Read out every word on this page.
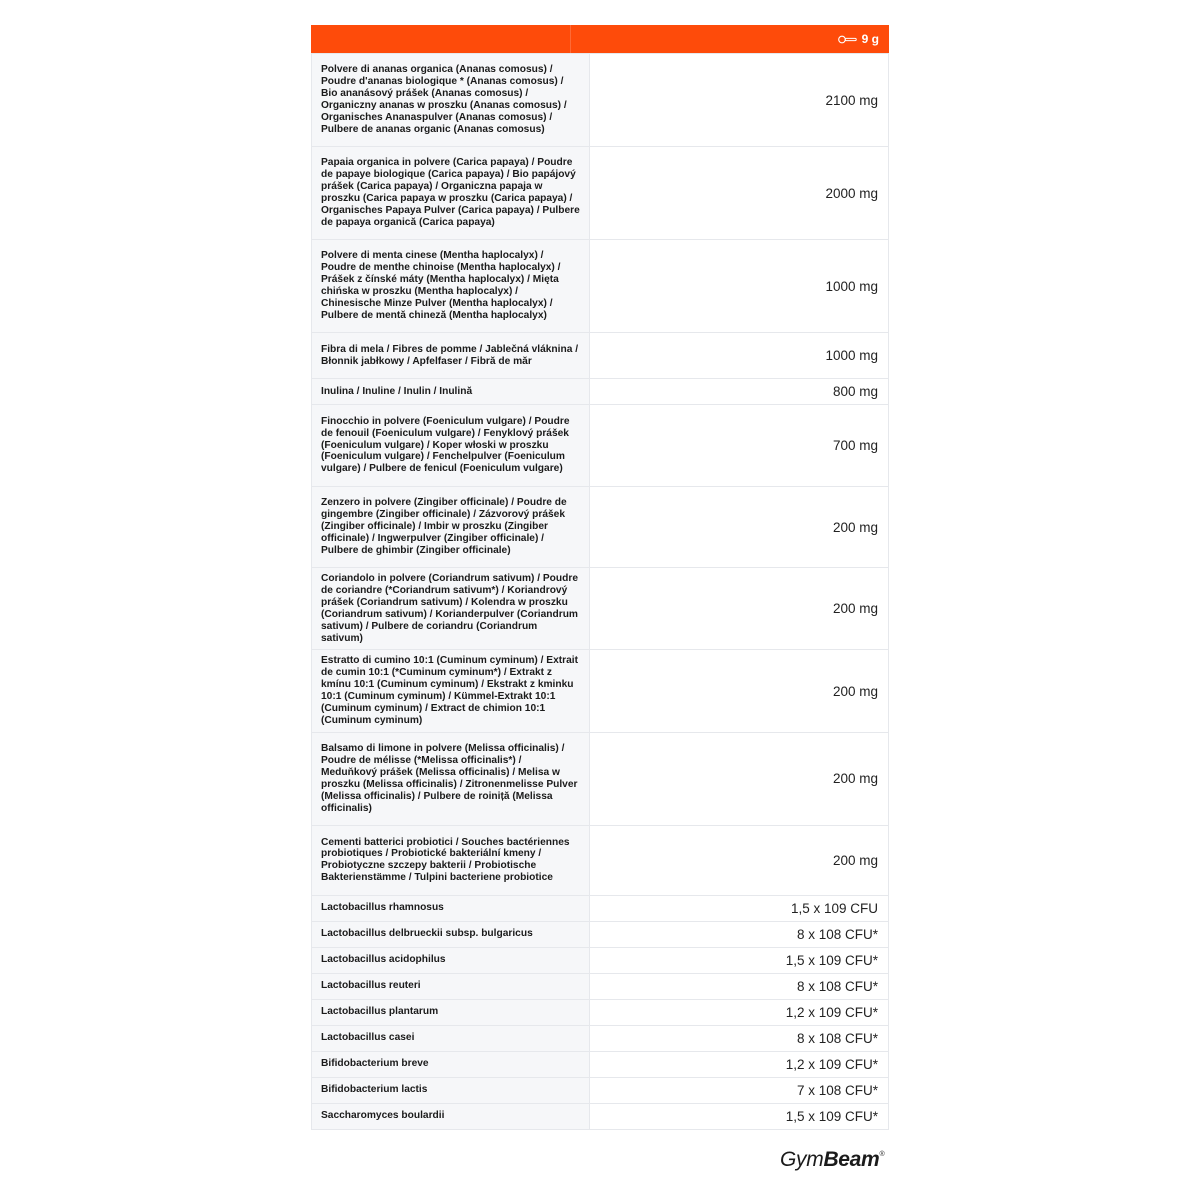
9 g
Polvere di ananas organica (Ananas comosus) / Poudre d'ananas biologique * (Ananas comosus) / Bio ananásový prášek (Ananas comosus) / Organiczny ananas w proszku (Ananas comosus) / Organisches Ananaspulver (Ananas comosus) / Pulbere de ananas organic (Ananas comosus)	2100 mg
Papaia organica in polvere (Carica papaya) / Poudre de papaye biologique (Carica papaya) / Bio papájový prášek (Carica papaya) / Organiczna papaja w proszku (Carica papaya w proszku (Carica papaya) / Organisches Papaya Pulver (Carica papaya) / Pulbere de papaya organică (Carica papaya)	2000 mg
Polvere di menta cinese (Mentha haplocalyx) / Poudre de menthe chinoise (Mentha haplocalyx) / Prášek z čínské máty (Mentha haplocalyx) / Mięta chińska w proszku (Mentha haplocalyx) / Chinesische Minze Pulver (Mentha haplocalyx) / Pulbere de mentă chineză (Mentha haplocalyx)	1000 mg
Fibra di mela / Fibres de pomme / Jablečná vláknina / Błonnik jabłkowy / Apfelfaser / Fibră de măr	1000 mg
Inulina / Inuline / Inulin / Inulină	800 mg
Finocchio in polvere (Foeniculum vulgare) / Poudre de fenouil (Foeniculum vulgare) / Fenyklový prášek (Foeniculum vulgare) / Koper włoski w proszku (Foeniculum vulgare) / Fenchelpulver (Foeniculum vulgare) / Pulbere de fenicul (Foeniculum vulgare)	700 mg
Zenzero in polvere (Zingiber officinale) / Poudre de gingembre (Zingiber officinale) / Zázvorový prášek (Zingiber officinale) / Imbir w proszku (Zingiber officinale) / Ingwerpulver (Zingiber officinale) / Pulbere de ghimbir (Zingiber officinale)	200 mg
Coriandolo in polvere (Coriandrum sativum) / Poudre de coriandre (*Coriandrum sativum*) / Koriandrový prášek (Coriandrum sativum) / Kolendra w proszku (Coriandrum sativum) / Korianderpulver (Coriandrum sativum) / Pulbere de coriandru (Coriandrum sativum)	200 mg
Estratto di cumino 10:1 (Cuminum cyminum) / Extrait de cumin 10:1 (*Cuminum cyminum*) / Extrakt z kmínu 10:1 (Cuminum cyminum) / Ekstrakt z kminku 10:1 (Cuminum cyminum) / Kümmel-Extrakt 10:1 (Cuminum cyminum) / Extract de chimion 10:1 (Cuminum cyminum)	200 mg
Balsamo di limone in polvere (Melissa officinalis) / Poudre de mélisse (*Melissa officinalis*) / Meduňkový prášek (Melissa officinalis) / Melisa w proszku (Melissa officinalis) / Zitronenmelisse Pulver (Melissa officinalis) / Pulbere de roiniță (Melissa officinalis)	200 mg
Cementi batterici probiotici / Souches bactériennes probiotiques / Probiotické bakteriální kmeny / Probiotyczne szczepy bakterii / Probiotische Bakterienstämme / Tulpini bacteriene probiotice	200 mg
Lactobacillus rhamnosus	1,5 x 109 CFU
Lactobacillus delbrueckii subsp. bulgaricus	8 x 108 CFU*
Lactobacillus acidophilus	1,5 x 109 CFU*
Lactobacillus reuteri	8 x 108 CFU*
Lactobacillus plantarum	1,2 x 109 CFU*
Lactobacillus casei	8 x 108 CFU*
Bifidobacterium breve	1,2 x 109 CFU*
Bifidobacterium lactis	7 x 108 CFU*
Saccharomyces boulardii	1,5 x 109 CFU*
GymBeam®
